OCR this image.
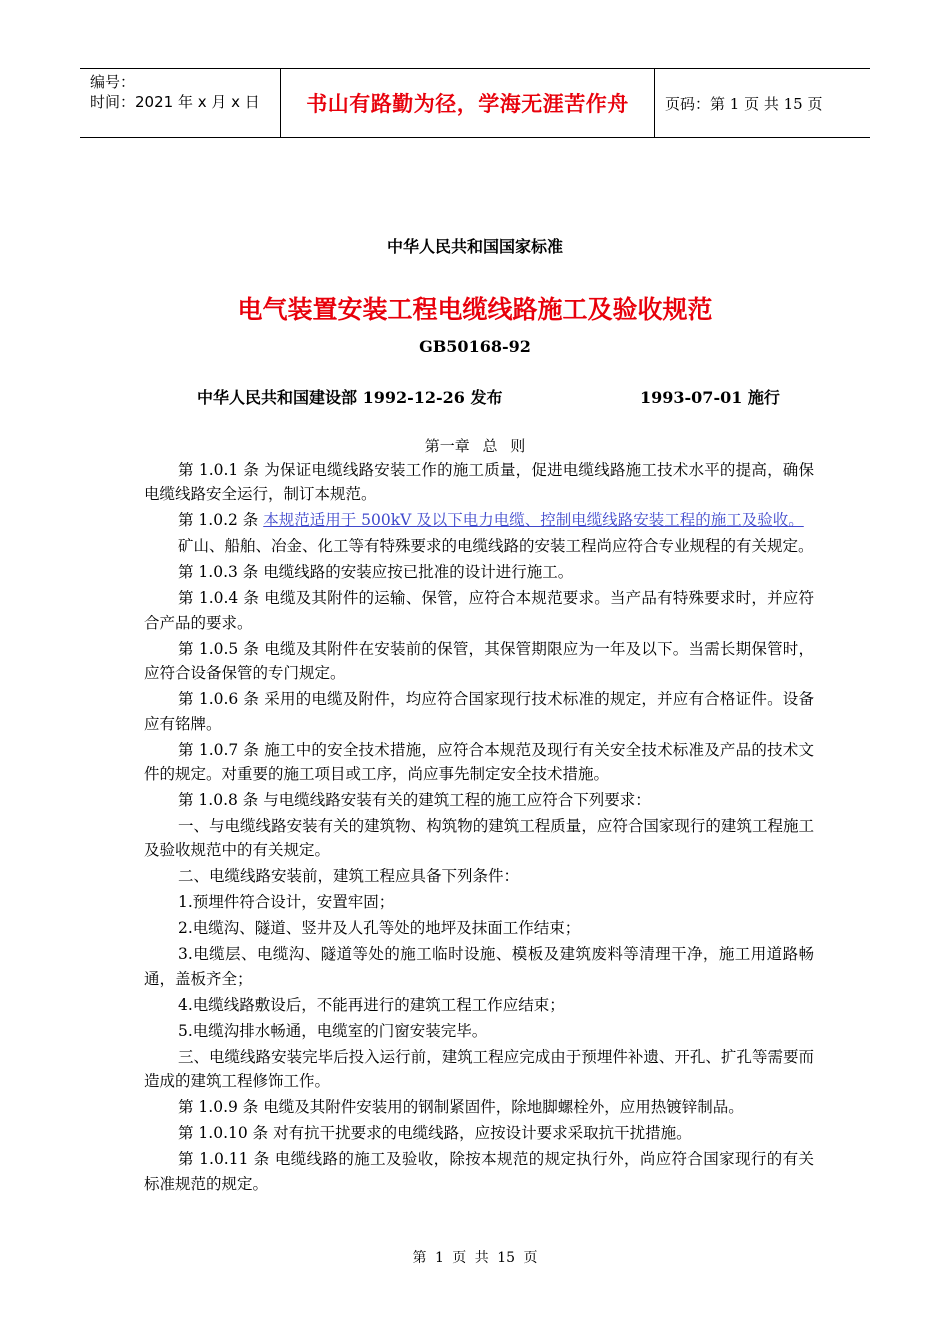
编号：
时间：2021 年 x 月 x 日	书山有路勤为径，学海无涯苦作舟	页码：第 1 页 共 15 页
中华人民共和国国家标准
电气装置安装工程电缆线路施工及验收规范
GB50168-92
中华人民共和国建设部 1992-12-26 发布	1993-07-01 施行
第一章 总 则

第 1.0.1 条 为保证电缆线路安装工作的施工质量，促进电缆线路施工技术水平的提高，确保电缆线路安全运行，制订本规范。

第 1.0.2 条 本规范适用于 500kV 及以下电力电缆、控制电缆线路安装工程的施工及验收。

矿山、船舶、冶金、化工等有特殊要求的电缆线路的安装工程尚应符合专业规程的有关规定。

第 1.0.3 条 电缆线路的安装应按已批准的设计进行施工。

第 1.0.4 条 电缆及其附件的运输、保管，应符合本规范要求。当产品有特殊要求时，并应符合产品的要求。

第 1.0.5 条 电缆及其附件在安装前的保管，其保管期限应为一年及以下。当需长期保管时，应符合设备保管的专门规定。

第 1.0.6 条 采用的电缆及附件，均应符合国家现行技术标准的规定，并应有合格证件。设备应有铭牌。

第 1.0.7 条 施工中的安全技术措施，应符合本规范及现行有关安全技术标准及产品的技术文件的规定。对重要的施工项目或工序，尚应事先制定安全技术措施。

第 1.0.8 条 与电缆线路安装有关的建筑工程的施工应符合下列要求：

一、与电缆线路安装有关的建筑物、构筑物的建筑工程质量，应符合国家现行的建筑工程施工及验收规范中的有关规定。

二、电缆线路安装前，建筑工程应具备下列条件：

1.预埋件符合设计，安置牢固；

2.电缆沟、隧道、竖井及人孔等处的地坪及抹面工作结束；

3.电缆层、电缆沟、隧道等处的施工临时设施、模板及建筑废料等清理干净，施工用道路畅通，盖板齐全；

4.电缆线路敷设后，不能再进行的建筑工程工作应结束；

5.电缆沟排水畅通，电缆室的门窗安装完毕。

三、电缆线路安装完毕后投入运行前，建筑工程应完成由于预埋件补遗、开孔、扩孔等需要而造成的建筑工程修饰工作。

第 1.0.9 条 电缆及其附件安装用的钢制紧固件，除地脚螺栓外，应用热镀锌制品。

第 1.0.10 条 对有抗干扰要求的电缆线路，应按设计要求采取抗干扰措施。

第 1.0.11 条 电缆线路的施工及验收，除按本规范的规定执行外，尚应符合国家现行的有关标准规范的规定。

第 1 页 共 15 页
